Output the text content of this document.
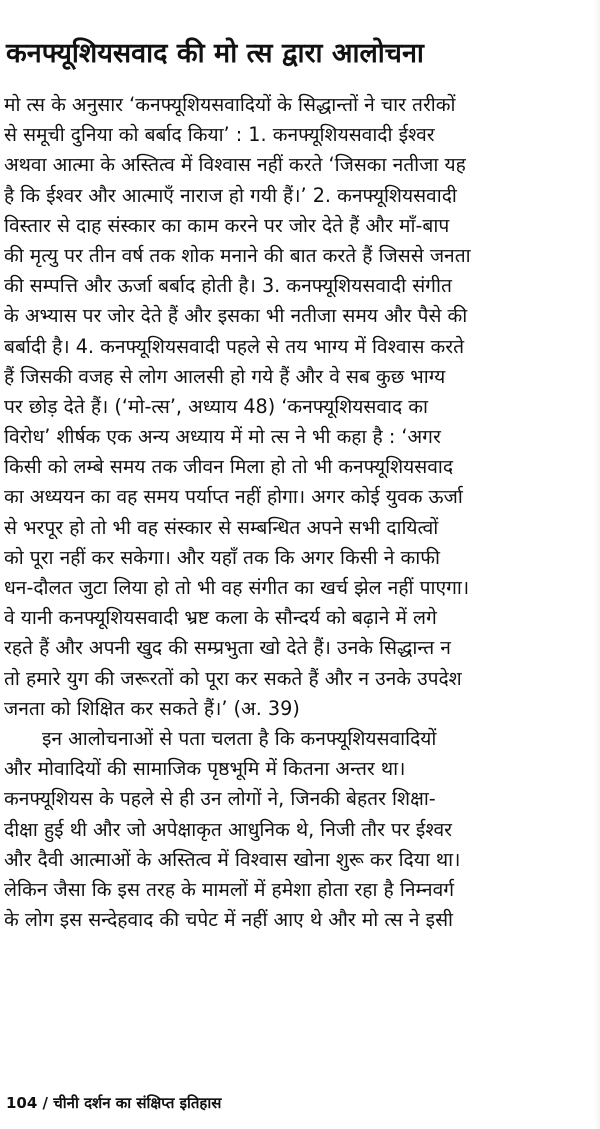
कनफ्यूशियसवाद की मो त्स द्वारा आलोचना
मो त्स के अनुसार ‘कनफ्यूशियसवादियों के सिद्धान्तों ने चार तरीकों
से समूची दुनिया को बर्बाद किया’ : 1. कनफ्यूशियसवादी ईश्वर
अथवा आत्मा के अस्तित्व में विश्वास नहीं करते ‘जिसका नतीजा यह
है कि ईश्वर और आत्माएँ नाराज हो गयी हैं।’ 2. कनफ्यूशियसवादी
विस्तार से दाह संस्कार का काम करने पर जोर देते हैं और माँ-बाप
की मृत्यु पर तीन वर्ष तक शोक मनाने की बात करते हैं जिससे जनता
की सम्पत्ति और ऊर्जा बर्बाद होती है। 3. कनफ्यूशियसवादी संगीत
के अभ्यास पर जोर देते हैं और इसका भी नतीजा समय और पैसे की
बर्बादी है। 4. कनफ्यूशियसवादी पहले से तय भाग्य में विश्वास करते
हैं जिसकी वजह से लोग आलसी हो गये हैं और वे सब कुछ भाग्य
पर छोड़ देते हैं। (‘मो-त्स’, अध्याय 48) ‘कनफ्यूशियसवाद का
विरोध’ शीर्षक एक अन्य अध्याय में मो त्स ने भी कहा है : ‘अगर
किसी को लम्बे समय तक जीवन मिला हो तो भी कनफ्यूशियसवाद
का अध्ययन का वह समय पर्याप्त नहीं होगा। अगर कोई युवक ऊर्जा
से भरपूर हो तो भी वह संस्कार से सम्बन्धित अपने सभी दायित्वों
को पूरा नहीं कर सकेगा। और यहाँ तक कि अगर किसी ने काफी
धन-दौलत जुटा लिया हो तो भी वह संगीत का खर्च झेल नहीं पाएगा।
वे यानी कनफ्यूशियसवादी भ्रष्ट कला के सौन्दर्य को बढ़ाने में लगे
रहते हैं और अपनी खुद की सम्प्रभुता खो देते हैं। उनके सिद्धान्त न
तो हमारे युग की जरूरतों को पूरा कर सकते हैं और न उनके उपदेश
जनता को शिक्षित कर सकते हैं।’ (अ. 39)
इन आलोचनाओं से पता चलता है कि कनफ्यूशियसवादियों
और मोवादियों की सामाजिक पृष्ठभूमि में कितना अन्तर था।
कनफ्यूशियस के पहले से ही उन लोगों ने, जिनकी बेहतर शिक्षा-
दीक्षा हुई थी और जो अपेक्षाकृत आधुनिक थे, निजी तौर पर ईश्वर
और दैवी आत्माओं के अस्तित्व में विश्वास खोना शुरू कर दिया था।
लेकिन जैसा कि इस तरह के मामलों में हमेशा होता रहा है निम्नवर्ग
के लोग इस सन्देहवाद की चपेट में नहीं आए थे और मो त्स ने इसी
104 / चीनी दर्शन का संक्षिप्त इतिहास
